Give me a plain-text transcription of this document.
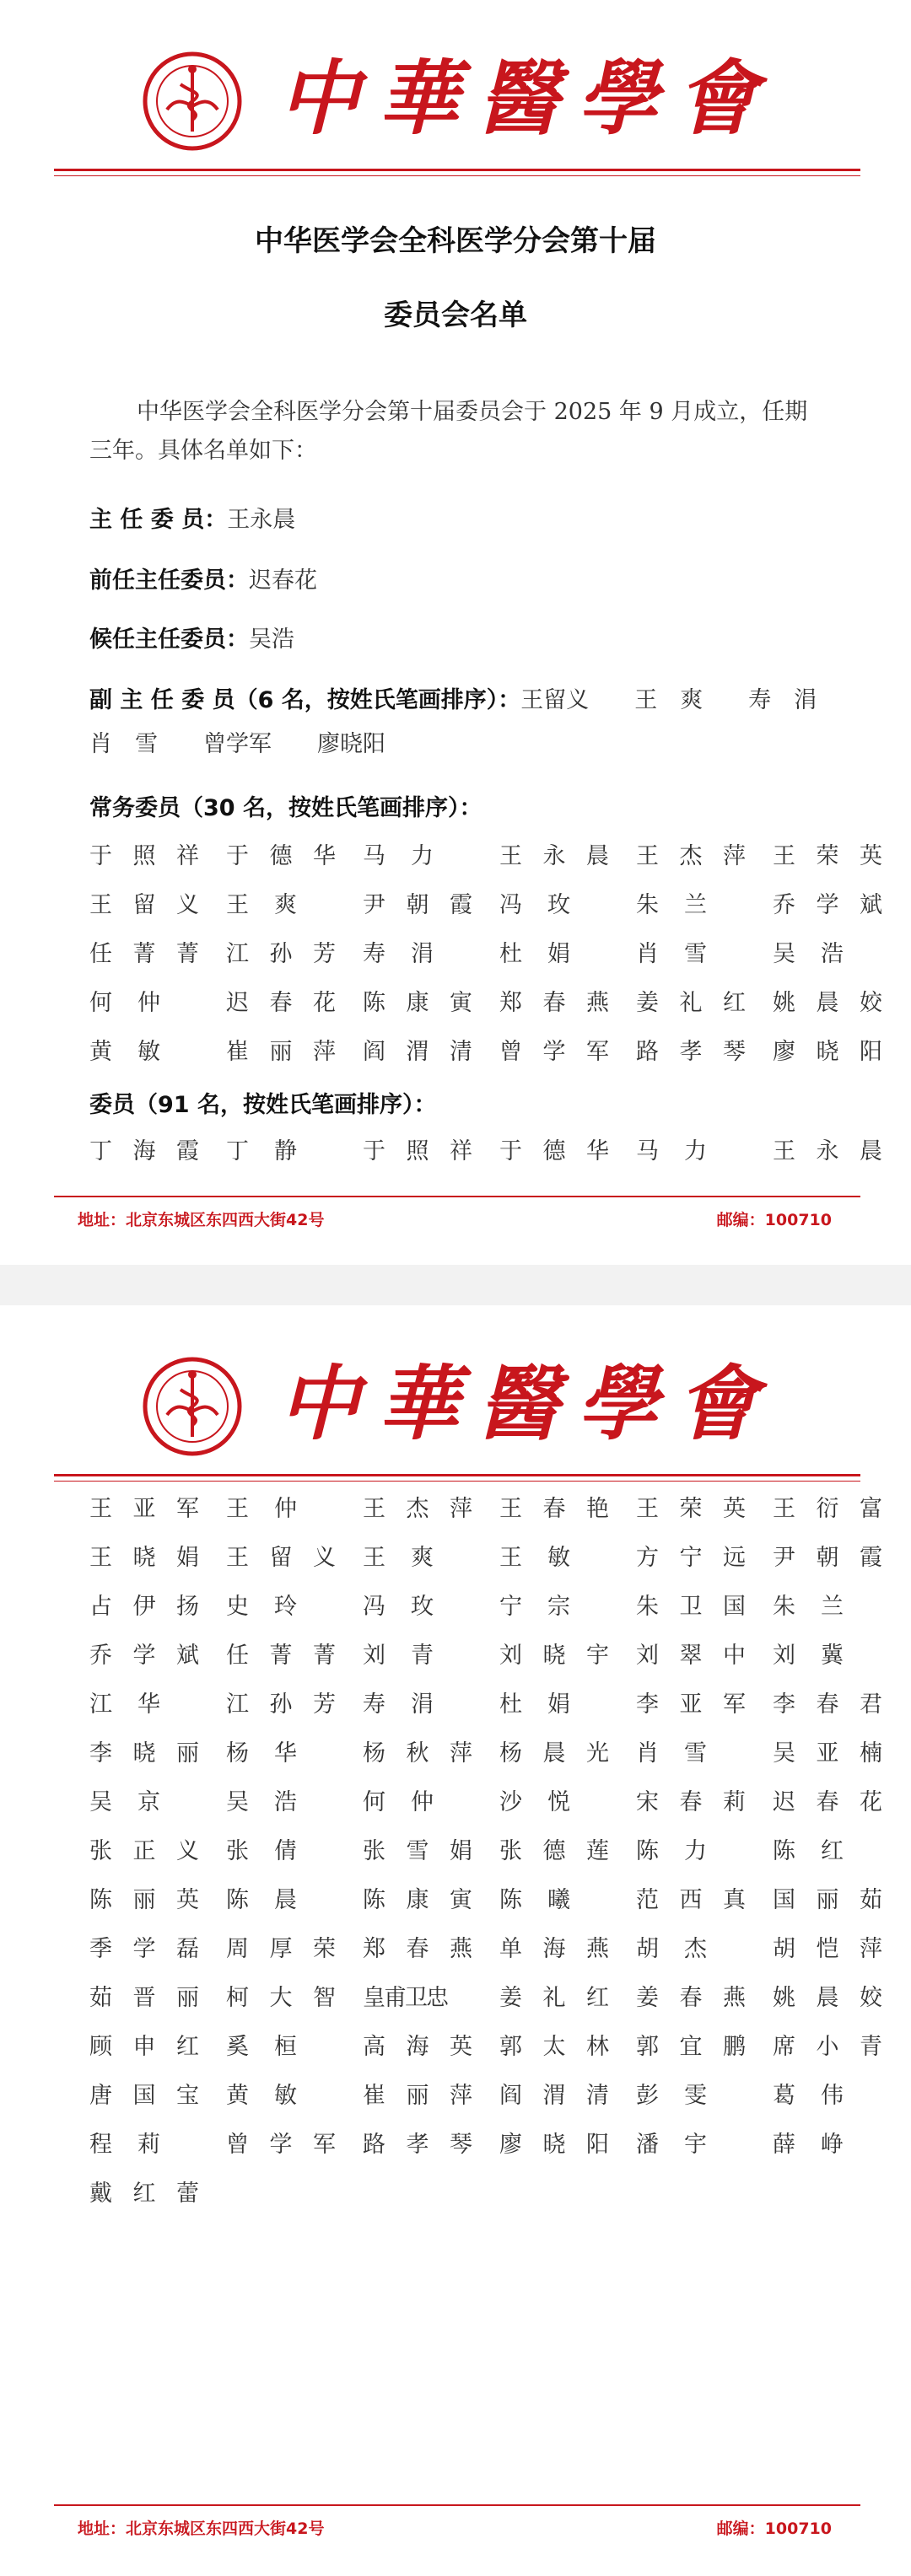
中華醫學會
中华医学会全科医学分会第十届
委员会名单
中华医学会全科医学分会第十届委员会于 2025 年 9 月成立，任期
三年。具体名单如下：
主 任 委 员：王永晨
前任主任委员：迟春花
候任主任委员：吴浩
副 主 任 委 员（6 名，按姓氏笔画排序）：王留义　　王　爽　　寿　涓
肖　雪　　曾学军　　廖晓阳
常务委员（30 名，按姓氏笔画排序）：
于照祥 于德华 马力	王永晨 王杰萍 王荣英
王留义 王爽	尹朝霞 冯玫	朱兰	乔学斌
任菁菁 江孙芳 寿涓	杜娟	肖雪	吴浩
何仲	迟春花 陈康寅 郑春燕 姜礼红 姚晨姣
黄敏	崔丽萍 阎渭清 曾学军 路孝琴 廖晓阳
委员（91 名，按姓氏笔画排序）：
丁海霞 丁静	于照祥 于德华 马力	王永晨
地址：北京东城区东四西大街42号	邮编：100710
中華醫學會
王亚军 王仲	王杰萍 王春艳 王荣英 王衍富
王晓娟 王留义 王爽	王敏	方宁远 尹朝霞
占伊扬 史玲	冯玫	宁宗	朱卫国 朱兰
乔学斌 任菁菁 刘青	刘晓宇 刘翠中 刘冀
江华	江孙芳 寿涓	杜娟	李亚军 李春君
李晓丽 杨华	杨秋萍 杨晨光 肖雪	吴亚楠
吴京	吴浩	何仲	沙悦	宋春莉 迟春花
张正义 张倩	张雪娟 张德莲 陈力	陈红
陈丽英 陈晨	陈康寅 陈曦	范西真 国丽茹
季学磊 周厚荣 郑春燕 单海燕 胡杰	胡恺萍
茹晋丽 柯大智 皇甫卫忠	姜礼红 姜春燕 姚晨姣
顾申红 奚桓	高海英 郭太林 郭宜鹏 席小青
唐国宝 黄敏	崔丽萍 阎渭清 彭雯	葛伟
程莉	曾学军 路孝琴 廖晓阳 潘宇	薛峥
戴红蕾
地址：北京东城区东四西大街42号	邮编：100710
